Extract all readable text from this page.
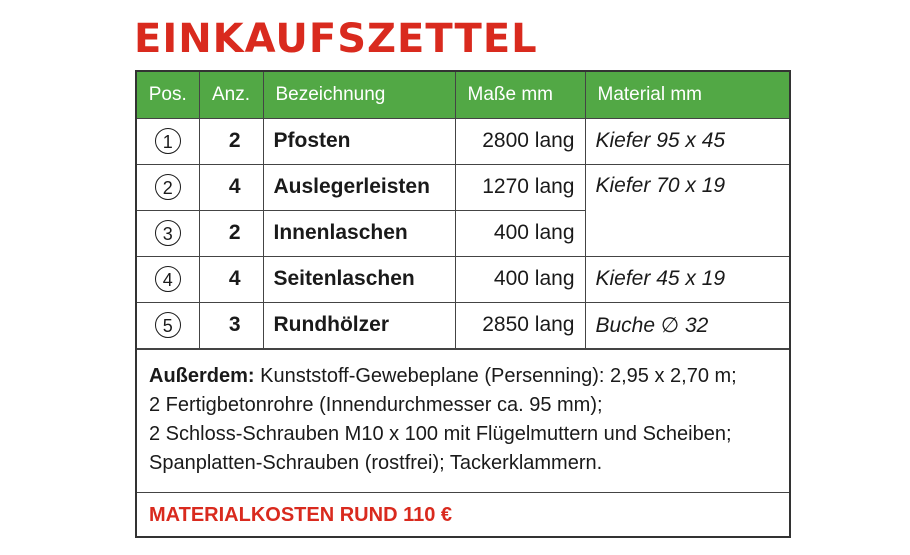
EINKAUFSZETTEL
Pos.	Anz.	Bezeichnung	Maße mm	Material mm
1	2	Pfosten	2800 lang	Kiefer 95 x 45
2	4	Auslegerleisten	1270 lang	Kiefer 70 x 19
3	2	Innenlaschen	400 lang	
4	4	Seitenlaschen	400 lang	Kiefer 45 x 19
5	3	Rundhölzer	2850 lang	Buche ∅ 32
Außerdem: Kunststoff-Gewebeplane (Persenning): 2,95 x 2,70 m;
2 Fertigbetonrohre (Innendurchmesser ca. 95 mm);
2 Schloss-Schrauben M10 x 100 mit Flügelmuttern und Scheiben;
Spanplatten-Schrauben (rostfrei); Tackerklammern.
MATERIALKOSTEN RUND 110 €
